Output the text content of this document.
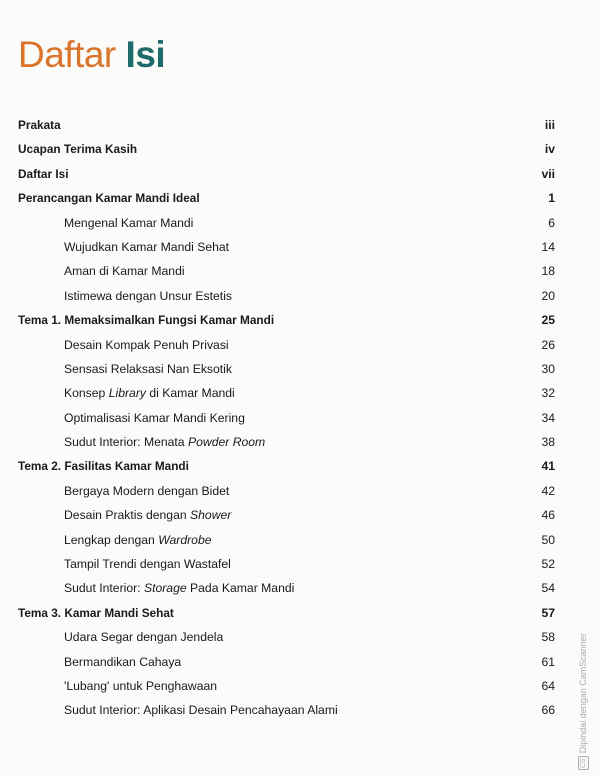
Daftar Isi
Prakata	iii
Ucapan Terima Kasih	iv
Daftar Isi	vii
Perancangan Kamar Mandi Ideal	1
Mengenal Kamar Mandi	6
Wujudkan Kamar Mandi Sehat	14
Aman di Kamar Mandi	18
Istimewa dengan Unsur Estetis	20
Tema 1. Memaksimalkan Fungsi Kamar Mandi	25
Desain Kompak Penuh Privasi	26
Sensasi Relaksasi Nan Eksotik	30
Konsep Library di Kamar Mandi	32
Optimalisasi Kamar Mandi Kering	34
Sudut Interior: Menata Powder Room	38
Tema 2. Fasilitas Kamar Mandi	41
Bergaya Modern dengan Bidet	42
Desain Praktis dengan Shower	46
Lengkap dengan Wardrobe	50
Tampil Trendi dengan Wastafel	52
Sudut Interior: Storage Pada Kamar Mandi	54
Tema 3. Kamar Mandi Sehat	57
Udara Segar dengan Jendela	58
Bermandikan Cahaya	61
'Lubang' untuk Penghawaan	64
Sudut Interior: Aplikasi Desain Pencahayaan Alami	66
CSDipindai dengan CamScanner
